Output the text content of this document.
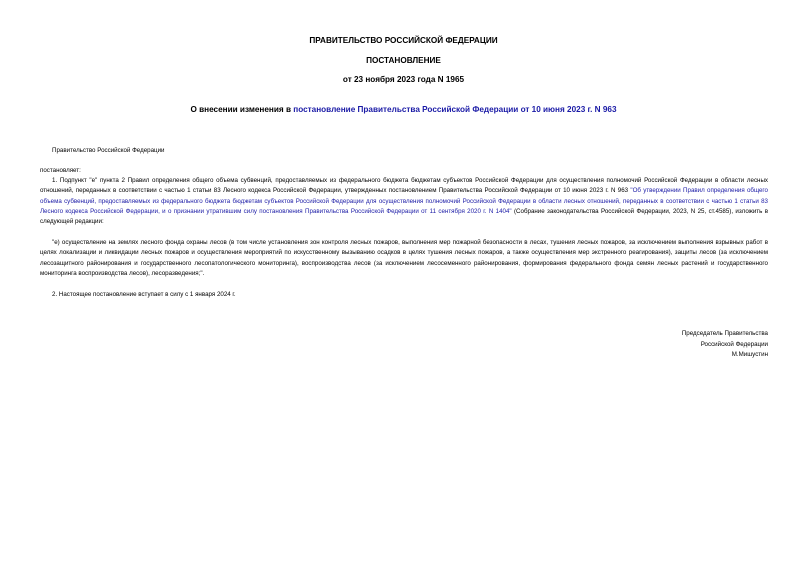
ПРАВИТЕЛЬСТВО РОССИЙСКОЙ ФЕДЕРАЦИИ
ПОСТАНОВЛЕНИЕ
от 23 ноября 2023 года N 1965
О внесении изменения в постановление Правительства Российской Федерации от 10 июня 2023 г. N 963
Правительство Российской Федерации
постановляет:
1. Подпункт "е" пункта 2 Правил определения общего объема субвенций, предоставляемых из федерального бюджета бюджетам субъектов Российской Федерации для осуществления полномочий Российской Федерации в области лесных отношений, переданных в соответствии с частью 1 статьи 83 Лесного кодекса Российской Федерации, утвержденных постановлением Правительства Российской Федерации от 10 июня 2023 г. N 963 "Об утверждении Правил определения общего объема субвенций, предоставляемых из федерального бюджета бюджетам субъектов Российской Федерации для осуществления полномочий Российской Федерации в области лесных отношений, переданных в соответствии с частью 1 статьи 83 Лесного кодекса Российской Федерации, и о признании утратившим силу постановления Правительства Российской Федерации от 11 сентября 2020 г. N 1404" (Собрание законодательства Российской Федерации, 2023, N 25, ст.4585), изложить в следующей редакции:
"е) осуществление на землях лесного фонда охраны лесов (в том числе установления зон контроля лесных пожаров, выполнения мер пожарной безопасности в лесах, тушения лесных пожаров, за исключением выполнения взрывных работ в целях локализации и ликвидации лесных пожаров и осуществления мероприятий по искусственному вызыванию осадков в целях тушения лесных пожаров, а также осуществления мер экстренного реагирования), защиты лесов (за исключением лесозащитного районирования и государственного лесопатологического мониторинга), воспроизводства лесов (за исключением лесосеменного районирования, формирования федерального фонда семян лесных растений и государственного мониторинга воспроизводства лесов), лесоразведения;".
2. Настоящее постановление вступает в силу с 1 января 2024 г.
Председатель Правительства
Российской Федерации
М.Мишустин
